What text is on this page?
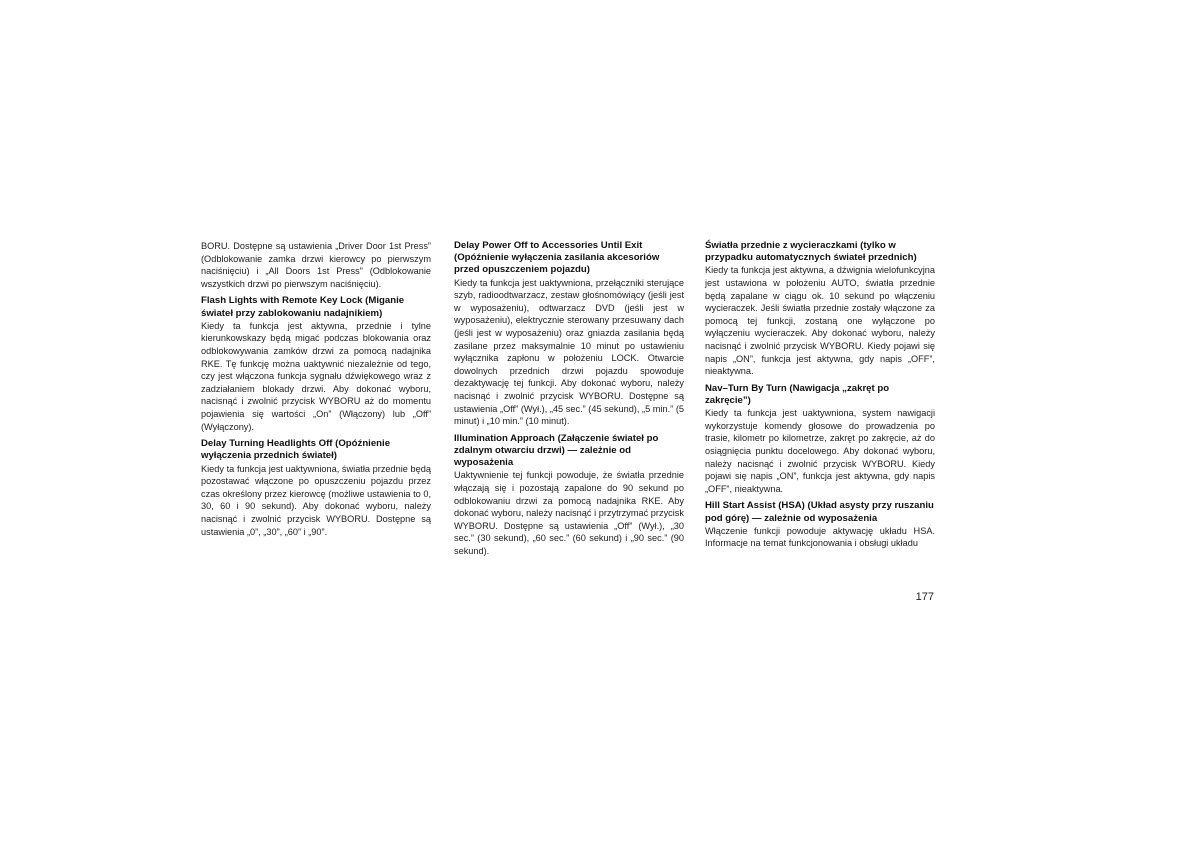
BORU. Dostępne są ustawienia „Driver Door 1st Press” (Odblokowanie zamka drzwi kierowcy po pierwszym naciśnięciu) i „All Doors 1st Press” (Odblokowanie wszystkich drzwi po pierwszym naciśnięciu).

Flash Lights with Remote Key Lock (Miganie świateł przy zablokowaniu nadajnikiem)

Kiedy ta funkcja jest aktywna, przednie i tylne kierunkowskazy będą migać podczas blokowania oraz odblokowywania zamków drzwi za pomocą nadajnika RKE. Tę funkcję można uaktywnić niezależnie od tego, czy jest włączona funkcja sygnału dźwiękowego wraz z zadziałaniem blokady drzwi. Aby dokonać wyboru, nacisnąć i zwolnić przycisk WYBORU aż do momentu pojawienia się wartości „On” (Włączony) lub „Off” (Wyłączony).

Delay Turning Headlights Off (Opóźnienie wyłączenia przednich świateł)

Kiedy ta funkcja jest uaktywniona, światła przednie będą pozostawać włączone po opuszczeniu pojazdu przez czas określony przez kierowcę (możliwe ustawienia to 0, 30, 60 i 90 sekund). Aby dokonać wyboru, należy nacisnąć i zwolnić przycisk WYBORU. Dostępne są ustawienia „0”, „30”, „60” i „90”.

Delay Power Off to Accessories Until Exit (Opóźnienie wyłączenia zasilania akcesoriów przed opuszczeniem pojazdu)

Kiedy ta funkcja jest uaktywniona, przełączniki sterujące szyb, radioodtwarzacz, zestaw głośnomówiący (jeśli jest w wyposażeniu), odtwarzacz DVD (jeśli jest w wyposażeniu), elektrycznie sterowany przesuwany dach (jeśli jest w wyposażeniu) oraz gniazda zasilania będą zasilane przez maksymalnie 10 minut po ustawieniu wyłącznika zapłonu w położeniu LOCK. Otwarcie dowolnych przednich drzwi pojazdu spowoduje dezaktywację tej funkcji. Aby dokonać wyboru, należy nacisnąć i zwolnić przycisk WYBORU. Dostępne są ustawienia „Off” (Wył.), „45 sec.” (45 sekund), „5 min.” (5 minut) i „10 min.” (10 minut).

Illumination Approach (Załączenie świateł po zdalnym otwarciu drzwi) — zależnie od wyposażenia

Uaktywnienie tej funkcji powoduje, że światła przednie włączają się i pozostają zapalone do 90 sekund po odblokowaniu drzwi za pomocą nadajnika RKE. Aby dokonać wyboru, należy nacisnąć i przytrzymać przycisk WYBORU. Dostępne są ustawienia „Off” (Wył.), „30 sec.” (30 sekund), „60 sec.” (60 sekund) i „90 sec.” (90 sekund).

Światła przednie z wycieraczkami (tylko w przypadku automatycznych świateł przednich)

Kiedy ta funkcja jest aktywna, a dźwignia wielofunkcyjna jest ustawiona w położeniu AUTO, światła przednie będą zapalane w ciągu ok. 10 sekund po włączeniu wycieraczek. Jeśli światła przednie zostały włączone za pomocą tej funkcji, zostaną one wyłączone po wyłączeniu wycieraczek. Aby dokonać wyboru, należy nacisnąć i zwolnić przycisk WYBORU. Kiedy pojawi się napis „ON”, funkcja jest aktywna, gdy napis „OFF”, nieaktywna.

Nav–Turn By Turn (Nawigacja „zakręt po zakręcie”)

Kiedy ta funkcja jest uaktywniona, system nawigacji wykorzystuje komendy głosowe do prowadzenia po trasie, kilometr po kilometrze, zakręt po zakręcie, aż do osiągnięcia punktu docelowego. Aby dokonać wyboru, należy nacisnąć i zwolnić przycisk WYBORU. Kiedy pojawi się napis „ON”, funkcja jest aktywna, gdy napis „OFF”, nieaktywna.

Hill Start Assist (HSA) (Układ asysty przy ruszaniu pod górę) — zależnie od wyposażenia

Włączenie funkcji powoduje aktywację układu HSA. Informacje na temat funkcjonowania i obsługi układu

177
